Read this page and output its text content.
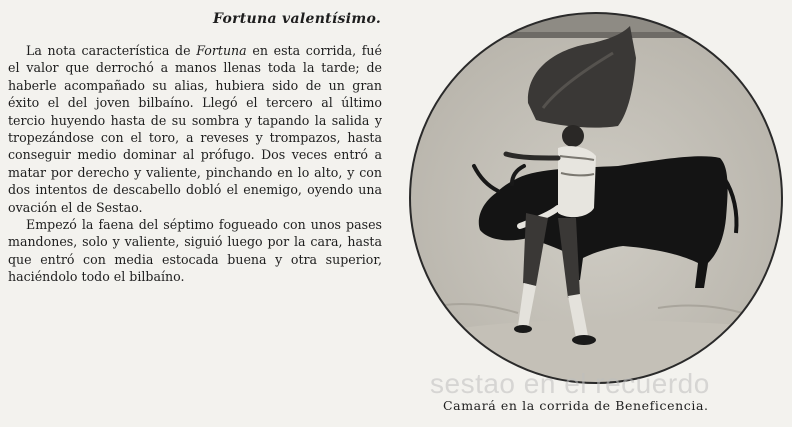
Fortuna valentísimo.

La nota característica de Fortuna en esta corrida, fué el valor que derrochó a manos llenas toda la tarde; de haberle acompañado su alias, hubiera sido de un gran éxito el del joven bilbaíno. Llegó el tercero al último tercio huyendo hasta de su sombra y tapando la salida y tropezándose con el toro, a reveses y trompazos, hasta conseguir medio dominar al prófugo. Dos veces entró a matar por derecho y valiente, pinchando en lo alto, y con dos intentos de descabello dobló el enemigo, oyendo una ovación el de Sestao.

Empezó la faena del séptimo fogueado con unos pases mandones, solo y valiente, siguió luego por la cara, hasta que entró con media estocada buena y otra superior, haciéndolo todo el bilbaíno.

sestao en el recuerdo
Camará en la corrida de Beneficencia.
